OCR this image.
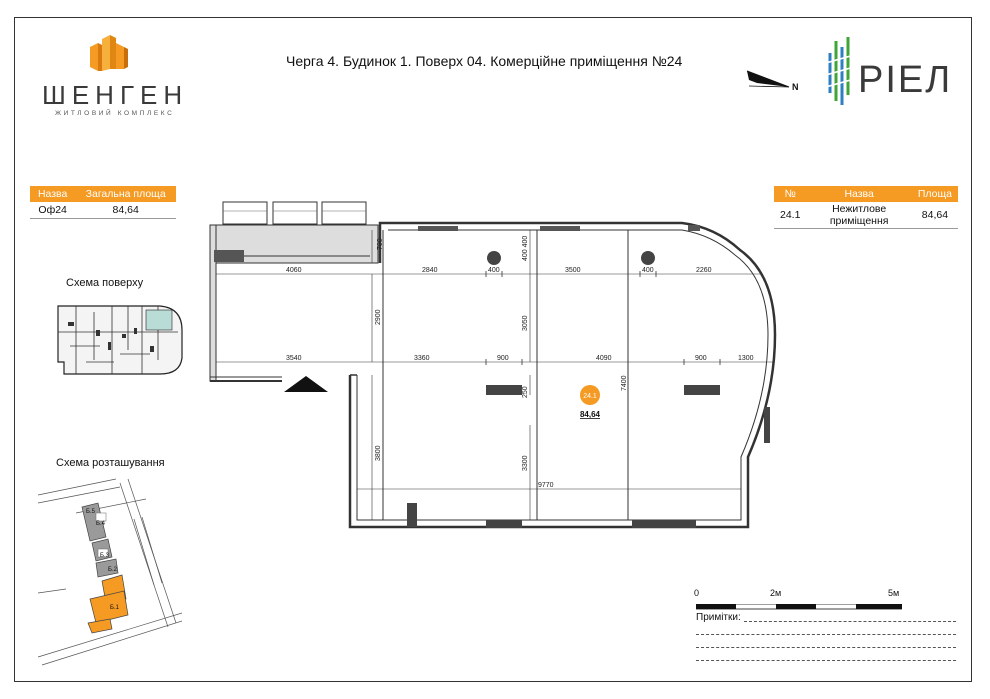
ШЕНГЕН
ЖИТЛОВИЙ КОМПЛЕКС
Черга 4. Будинок 1. Поверх 04. Комерційне приміщення №24
N РІЕЛ
Назва	Загальна площа
Оф24	84,64
№	Назва	Площа
24.1	Нежитлове приміщення	84,64
Схема поверху
Схема розташування
Б.5
Б.4
Б.3
Б.2
Б.1
4060	2840	400	3500	400	2260
3540	3360	900	4090	900	1300
9770
700
2900	3050
400 400
250
7400
3800
3300
24.1
84,64
0	2м	5м
Примітки:
